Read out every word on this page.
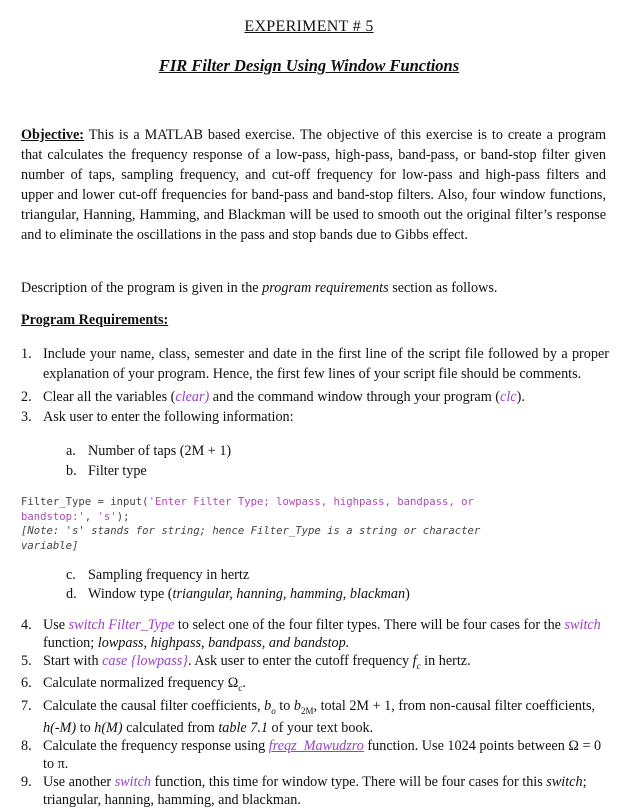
EXPERIMENT # 5
FIR Filter Design Using Window Functions
Objective: This is a MATLAB based exercise. The objective of this exercise is to create a program that calculates the frequency response of a low-pass, high-pass, band-pass, or band-stop filter given number of taps, sampling frequency, and cut-off frequency for low-pass and high-pass filters and upper and lower cut-off frequencies for band-pass and band-stop filters. Also, four window functions, triangular, Hanning, Hamming, and Blackman will be used to smooth out the original filter’s response and to eliminate the oscillations in the pass and stop bands due to Gibbs effect.
Description of the program is given in the program requirements section as follows.
Program Requirements:
1. Include your name, class, semester and date in the first line of the script file followed by a proper explanation of your program. Hence, the first few lines of your script file should be comments.
2. Clear all the variables (clear) and the command window through your program (clc).
3. Ask user to enter the following information:
a. Number of taps (2M + 1)
b. Filter type
Filter_Type = input('Enter Filter Type; lowpass, highpass, bandpass, or
bandstop:', 's');
[Note: 's' stands for string; hence Filter_Type is a string or character
variable]
c. Sampling frequency in hertz
d. Window type (triangular, hanning, hamming, blackman)
4. Use switch Filter_Type to select one of the four filter types. There will be four cases for the switch function; lowpass, highpass, bandpass, and bandstop.
5. Start with case {lowpass}. Ask user to enter the cutoff frequency $f_c$ in hertz.
6. Calculate normalized frequency $\Omega_c$.
7. Calculate the causal filter coefficients, $b_o$ to $b_{2M}$, total 2M + 1, from non-causal filter coefficients, h(-M) to h(M) calculated from table 7.1 of your text book.
8. Calculate the frequency response using freqz_Mawudzro function. Use 1024 points between Ω = 0 to π.
9. Use another switch function, this time for window type. There will be four cases for this switch; triangular, hanning, hamming, and blackman.
